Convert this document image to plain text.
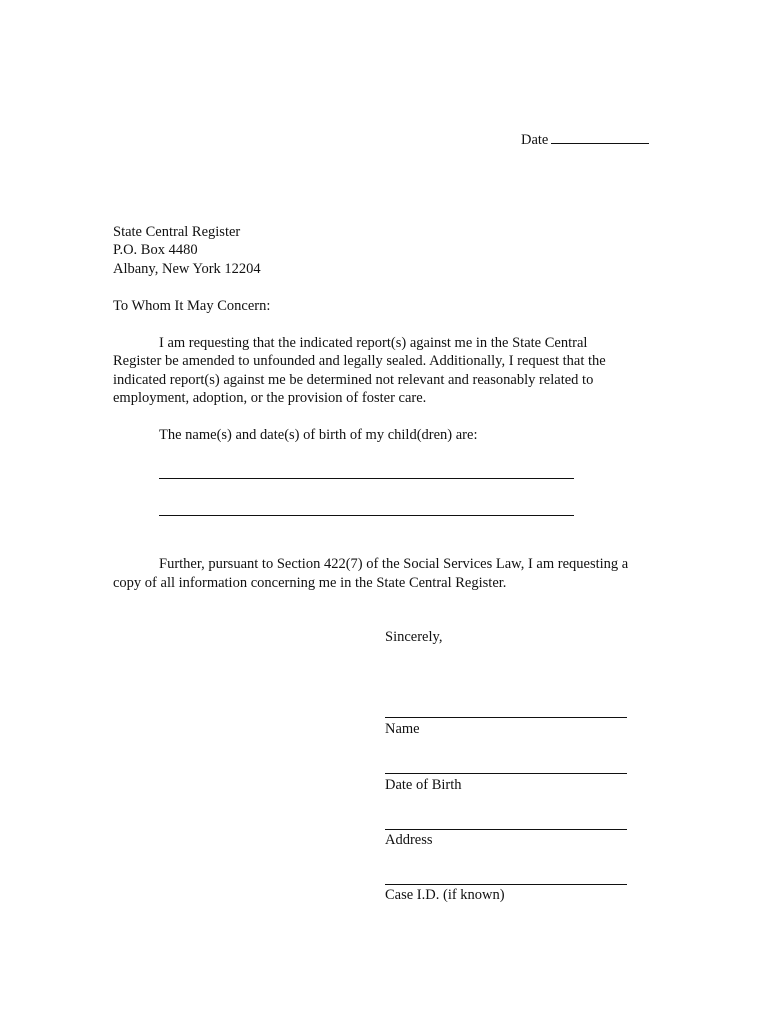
Date
State Central Register
P.O. Box 4480
Albany, New York 12204
To Whom It May Concern:
I am requesting that the indicated report(s) against me in the State Central
Register be amended to unfounded and legally sealed. Additionally, I request that the
indicated report(s) against me be determined not relevant and reasonably related to
employment, adoption, or the provision of foster care.
The name(s) and date(s) of birth of my child(dren) are:
Further, pursuant to Section 422(7) of the Social Services Law, I am requesting a
copy of all information concerning me in the State Central Register.
Sincerely,
Name
Date of Birth
Address
Case I.D. (if known)
